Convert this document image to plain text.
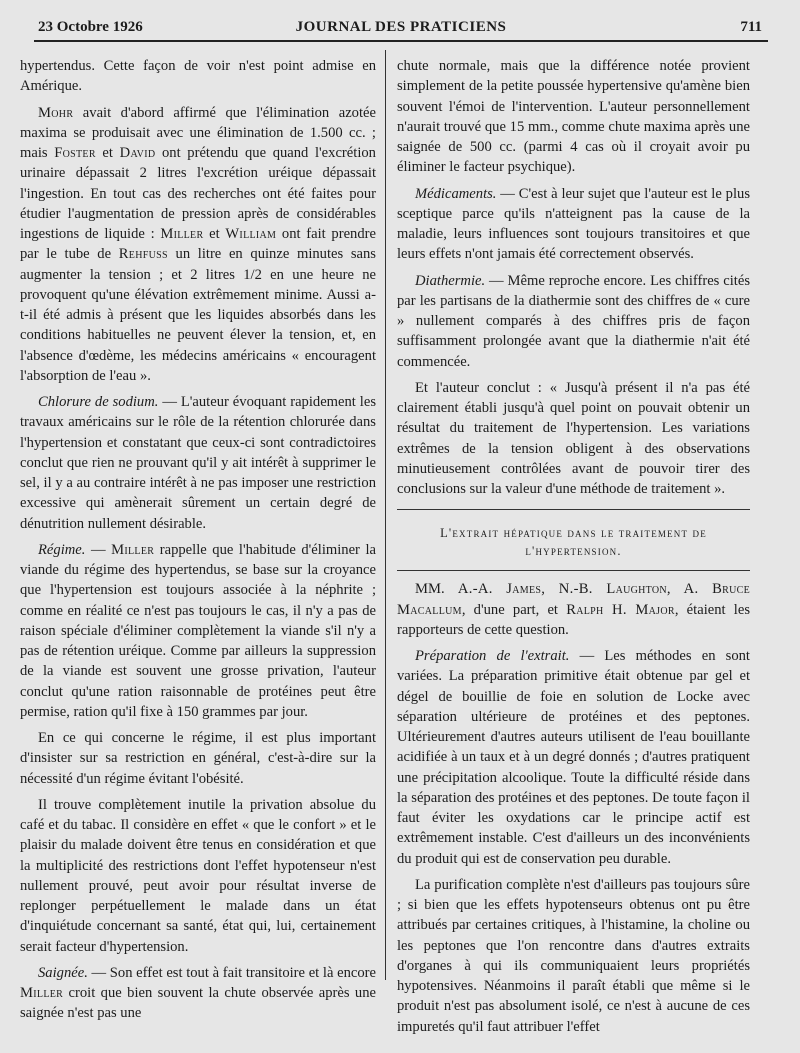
23 Octobre 1926	JOURNAL DES PRATICIENS	711

hypertendus. Cette façon de voir n'est point admise en Amérique.

Mohr avait d'abord affirmé que l'élimination azotée maxima se produisait avec une élimination de 1.500 cc. ; mais Foster et David ont prétendu que quand l'excrétion urinaire dépassait 2 litres l'excrétion uréique dépassait l'ingestion. En tout cas des recherches ont été faites pour étudier l'augmentation de pression après de considérables ingestions de liquide : Miller et William ont fait prendre par le tube de Rehfuss un litre en quinze minutes sans augmenter la tension ; et 2 litres 1/2 en une heure ne provoquent qu'une élévation extrêmement minime. Aussi a-t-il été admis à présent que les liquides absorbés dans les conditions habituelles ne peuvent élever la tension, et, en l'absence d'œdème, les médecins américains « encouragent l'absorption de l'eau ».

Chlorure de sodium. — L'auteur évoquant rapidement les travaux américains sur le rôle de la rétention chlorurée dans l'hypertension et constatant que ceux-ci sont contradictoires conclut que rien ne prouvant qu'il y ait intérêt à supprimer le sel, il y a au contraire intérêt à ne pas imposer une restriction excessive qui amènerait sûrement un certain degré de dénutrition nullement désirable.

Régime. — Miller rappelle que l'habitude d'éliminer la viande du régime des hypertendus, se base sur la croyance que l'hypertension est toujours associée à la néphrite ; comme en réalité ce n'est pas toujours le cas, il n'y a pas de raison spéciale d'éliminer complètement la viande s'il n'y a pas de rétention uréique. Comme par ailleurs la suppression de la viande est souvent une grosse privation, l'auteur conclut qu'une ration raisonnable de protéines peut être permise, ration qu'il fixe à 150 grammes par jour.

En ce qui concerne le régime, il est plus important d'insister sur sa restriction en général, c'est-à-dire sur la nécessité d'un régime évitant l'obésité.

Il trouve complètement inutile la privation absolue du café et du tabac. Il considère en effet « que le confort » et le plaisir du malade doivent être tenus en considération et que la multiplicité des restrictions dont l'effet hypotenseur n'est nullement prouvé, peut avoir pour résultat inverse de replonger perpétuellement le malade dans un état d'inquiétude concernant sa santé, état qui, lui, certainement serait facteur d'hypertension.

Saignée. — Son effet est tout à fait transitoire et là encore Miller croit que bien souvent la chute observée après une saignée n'est pas une

chute normale, mais que la différence notée provient simplement de la petite poussée hypertensive qu'amène bien souvent l'émoi de l'intervention. L'auteur personnellement n'aurait trouvé que 15 mm., comme chute maxima après une saignée de 500 cc. (parmi 4 cas où il croyait avoir pu éliminer le facteur psychique).

Médicaments. — C'est à leur sujet que l'auteur est le plus sceptique parce qu'ils n'atteignent pas la cause de la maladie, leurs influences sont toujours transitoires et que leurs effets n'ont jamais été correctement observés.

Diathermie. — Même reproche encore. Les chiffres cités par les partisans de la diathermie sont des chiffres de « cure » nullement comparés à des chiffres pris de façon suffisamment prolongée avant que la diathermie n'ait été commencée.

Et l'auteur conclut : « Jusqu'à présent il n'a pas été clairement établi jusqu'à quel point on pouvait obtenir un résultat du traitement de l'hypertension. Les variations extrêmes de la tension obligent à des observations minutieusement contrôlées avant de pouvoir tirer des conclusions sur la valeur d'une méthode de traitement ».

L'extrait hépatique dans le traitement de l'hypertension.

MM. A.-A. James, N.-B. Laughton, A. Bruce Macallum, d'une part, et Ralph H. Major, étaient les rapporteurs de cette question.

Préparation de l'extrait. — Les méthodes en sont variées. La préparation primitive était obtenue par gel et dégel de bouillie de foie en solution de Locke avec séparation ultérieure de protéines et des peptones. Ultérieurement d'autres auteurs utilisent de l'eau bouillante acidifiée à un taux et à un degré donnés ; d'autres pratiquent une précipitation alcoolique. Toute la difficulté réside dans la séparation des protéines et des peptones. De toute façon il faut éviter les oxydations car le principe actif est extrêmement instable. C'est d'ailleurs un des inconvénients du produit qui est de conservation peu durable.

La purification complète n'est d'ailleurs pas toujours sûre ; si bien que les effets hypotenseurs obtenus ont pu être attribués par certaines critiques, à l'histamine, la choline ou les peptones que l'on rencontre dans d'autres extraits d'organes à qui ils communiquaient leurs propriétés hypotensives. Néanmoins il paraît établi que même si le produit n'est pas absolument isolé, ce n'est à aucune de ces impuretés qu'il faut attribuer l'effet
